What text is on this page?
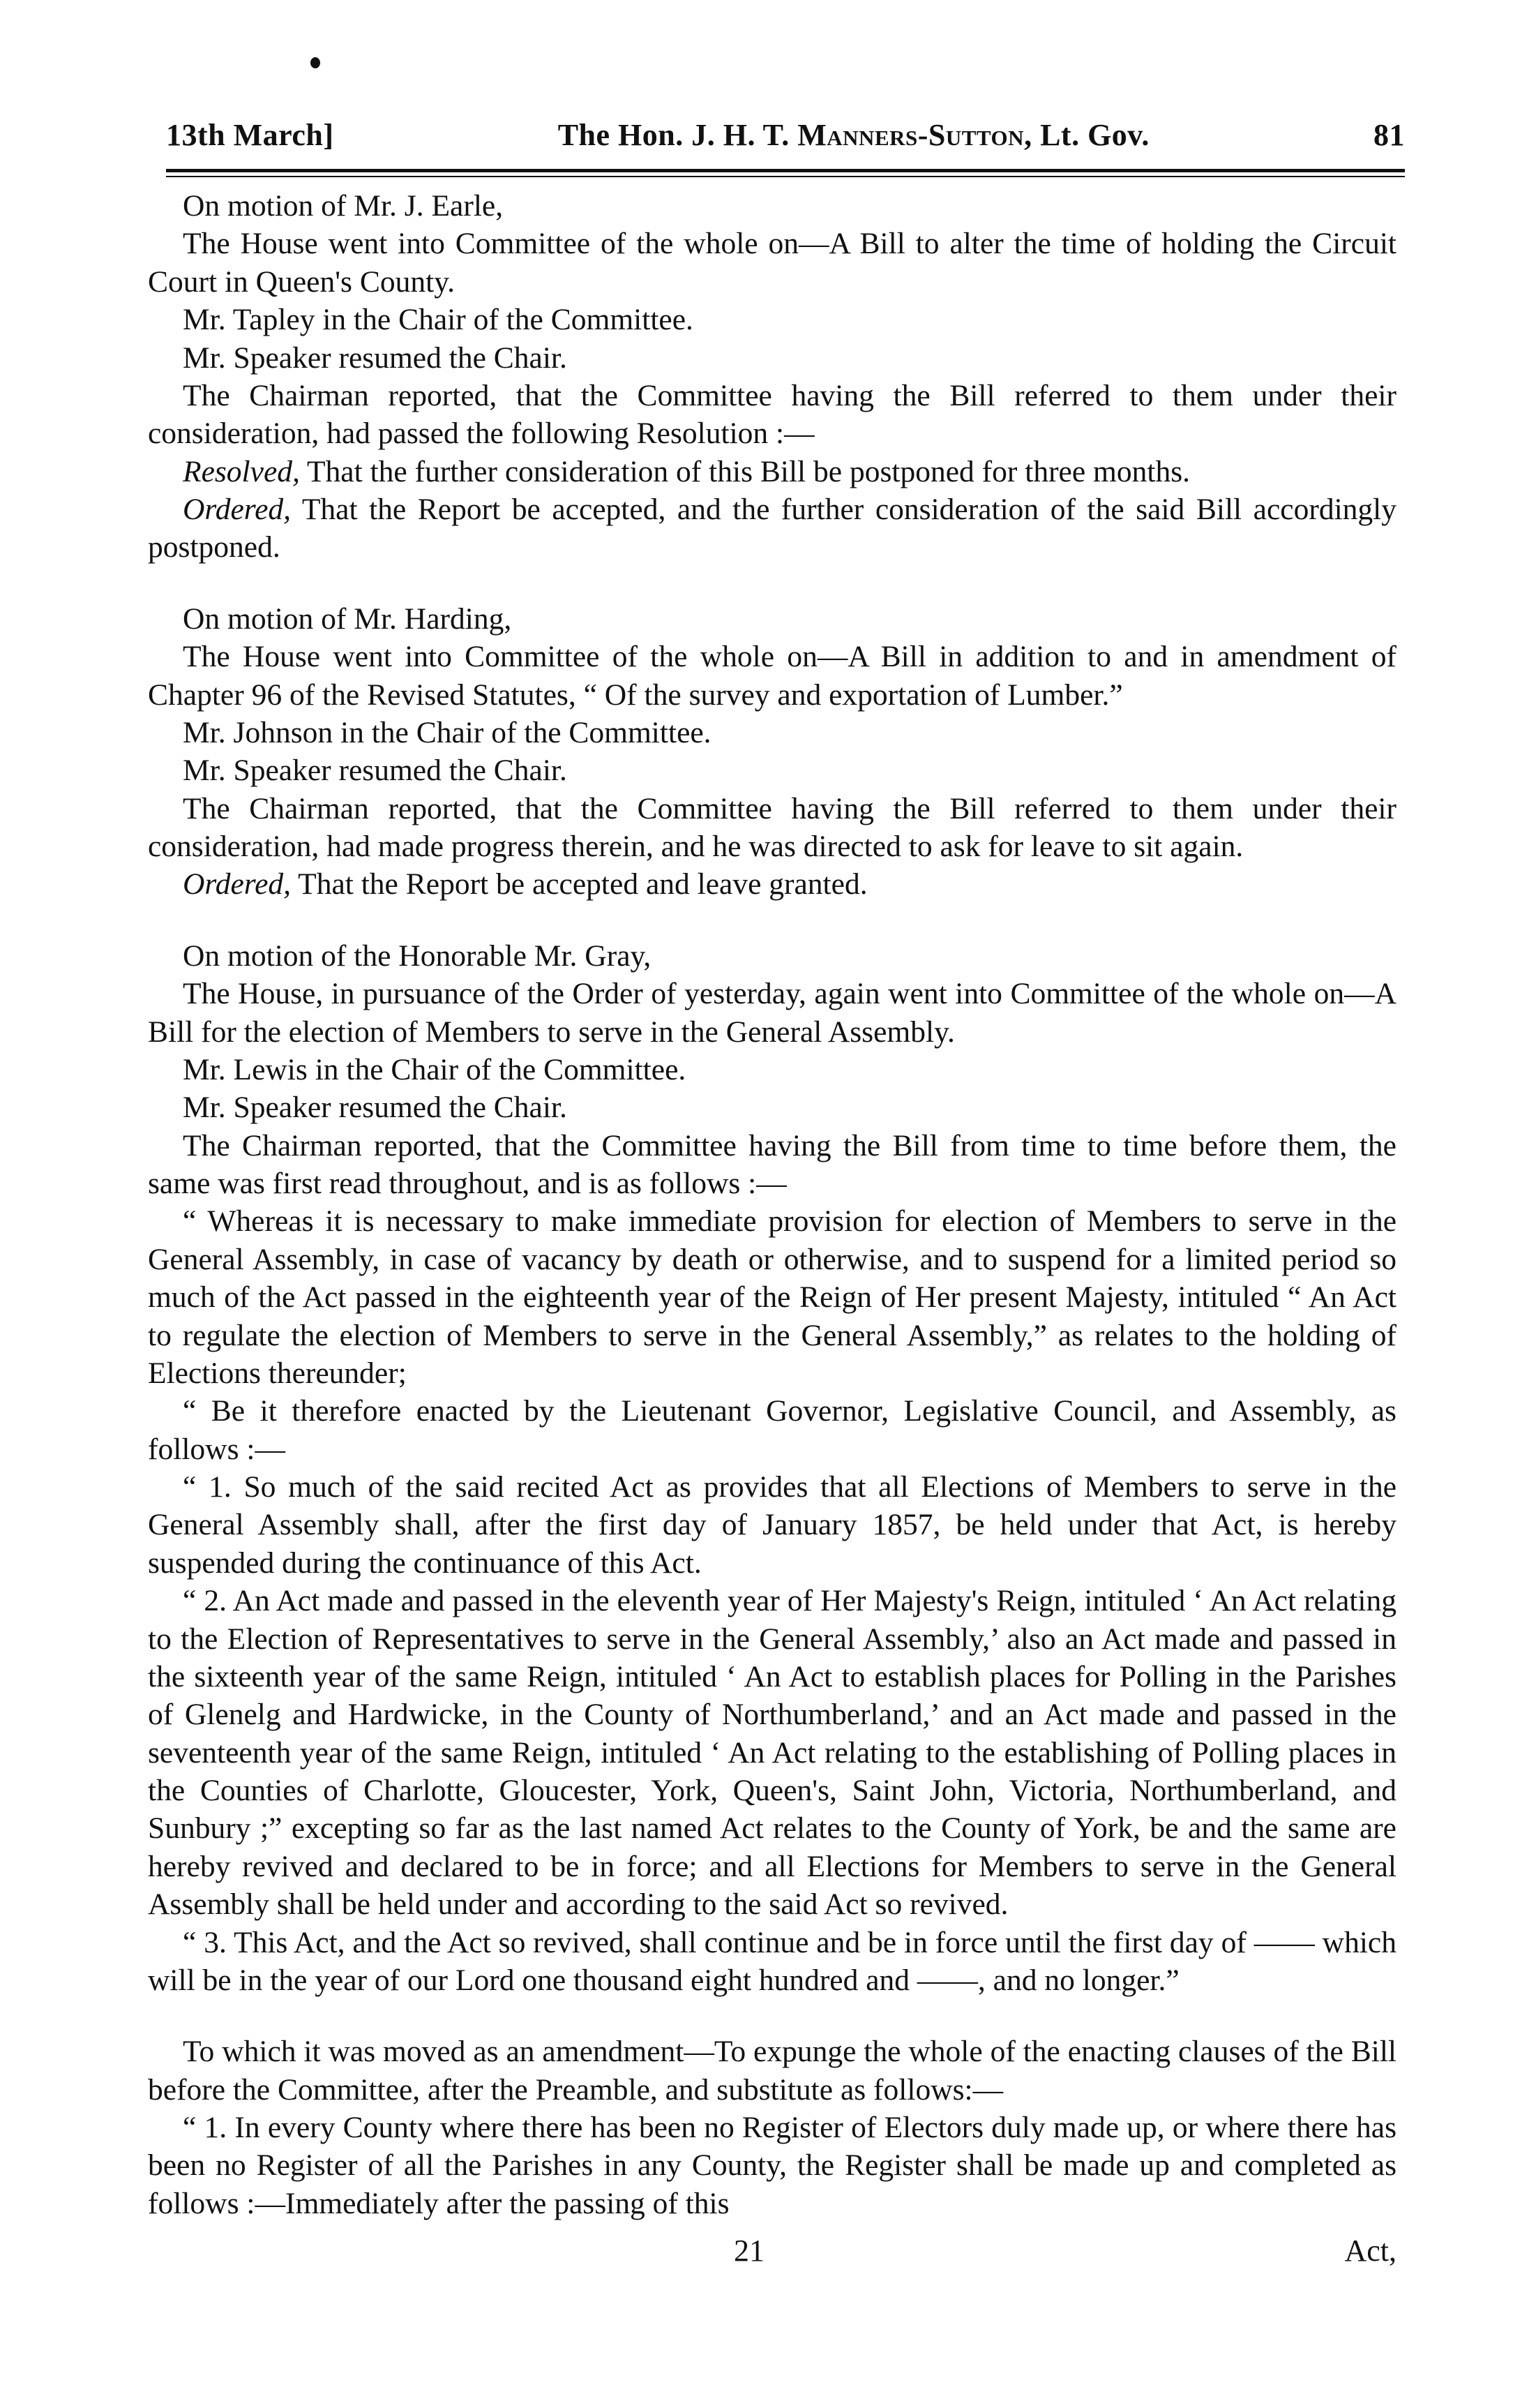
13th March]	The Hon. J. H. T. Manners-Sutton, Lt. Gov.	81

On motion of Mr. J. Earle,

The House went into Committee of the whole on—A Bill to alter the time of holding the Circuit Court in Queen's County.

Mr. Tapley in the Chair of the Committee.

Mr. Speaker resumed the Chair.

The Chairman reported, that the Committee having the Bill referred to them under their consideration, had passed the following Resolution :—

Resolved, That the further consideration of this Bill be postponed for three months.

Ordered, That the Report be accepted, and the further consideration of the said Bill accordingly postponed.

On motion of Mr. Harding,

The House went into Committee of the whole on—A Bill in addition to and in amendment of Chapter 96 of the Revised Statutes, “ Of the survey and exportation of Lumber.”

Mr. Johnson in the Chair of the Committee.

Mr. Speaker resumed the Chair.

The Chairman reported, that the Committee having the Bill referred to them under their consideration, had made progress therein, and he was directed to ask for leave to sit again.

Ordered, That the Report be accepted and leave granted.

On motion of the Honorable Mr. Gray,

The House, in pursuance of the Order of yesterday, again went into Committee of the whole on—A Bill for the election of Members to serve in the General Assembly.

Mr. Lewis in the Chair of the Committee.

Mr. Speaker resumed the Chair.

The Chairman reported, that the Committee having the Bill from time to time before them, the same was first read throughout, and is as follows :—

“ Whereas it is necessary to make immediate provision for election of Members to serve in the General Assembly, in case of vacancy by death or otherwise, and to suspend for a limited period so much of the Act passed in the eighteenth year of the Reign of Her present Majesty, intituled “ An Act to regulate the election of Members to serve in the General Assembly,” as relates to the holding of Elections thereunder;

“ Be it therefore enacted by the Lieutenant Governor, Legislative Council, and Assembly, as follows :—

“ 1. So much of the said recited Act as provides that all Elections of Members to serve in the General Assembly shall, after the first day of January 1857, be held under that Act, is hereby suspended during the continuance of this Act.

“ 2. An Act made and passed in the eleventh year of Her Majesty's Reign, intituled ‘ An Act relating to the Election of Representatives to serve in the General Assembly,’ also an Act made and passed in the sixteenth year of the same Reign, intituled ‘ An Act to establish places for Polling in the Parishes of Glenelg and Hardwicke, in the County of Northumberland,’ and an Act made and passed in the seventeenth year of the same Reign, intituled ‘ An Act relating to the establishing of Polling places in the Counties of Charlotte, Gloucester, York, Queen's, Saint John, Victoria, Northumberland, and Sunbury ;” excepting so far as the last named Act relates to the County of York, be and the same are hereby revived and declared to be in force; and all Elections for Members to serve in the General Assembly shall be held under and according to the said Act so revived.

“ 3. This Act, and the Act so revived, shall continue and be in force until the first day of —— which will be in the year of our Lord one thousand eight hundred and ——, and no longer.”

To which it was moved as an amendment—To expunge the whole of the enacting clauses of the Bill before the Committee, after the Preamble, and substitute as follows:—

“ 1. In every County where there has been no Register of Electors duly made up, or where there has been no Register of all the Parishes in any County, the Register shall be made up and completed as follows :—Immediately after the passing of this

21	Act,
